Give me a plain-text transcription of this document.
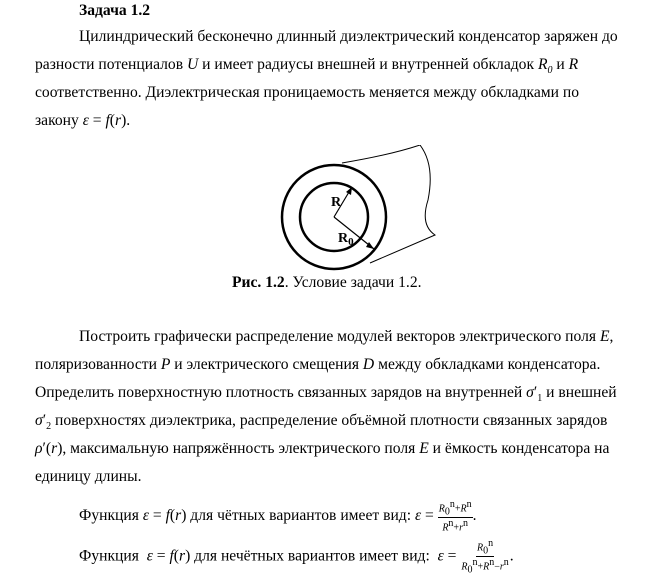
Задача 1.2
Цилиндрический бесконечно длинный диэлектрический конденсатор заряжен до
разности потенциалов U и имеет радиусы внешней и внутренней обкладок $R_0$ и R
соответственно. Диэлектрическая проницаемость меняется между обкладками по
закону ε = f(r).
R
$R_0$
Рис. 1.2. Условие задачи 1.2.
Построить графически распределение модулей векторов электрического поля E,
поляризованности P и электрического смещения D между обкладками конденсатора.
Определить поверхностную плотность связанных зарядов на внутренней $\sigma'_1$ и внешней
$\sigma'_2$ поверхностях диэлектрика, распределение объёмной плотности связанных зарядов
ρ′(r), максимальную напряжённость электрического поля E и ёмкость конденсатора на
единицу длины.
Функция ε = f(r) для чётных вариантов имеет вид: $\varepsilon = \frac{R_0^n+R^n}{R^n+r^n}$ .
Функция  ε = f(r) для нечётных вариантов имеет вид:  $\varepsilon = \frac{R_0^n}{R_0^n+R^n-r^n}$ .
